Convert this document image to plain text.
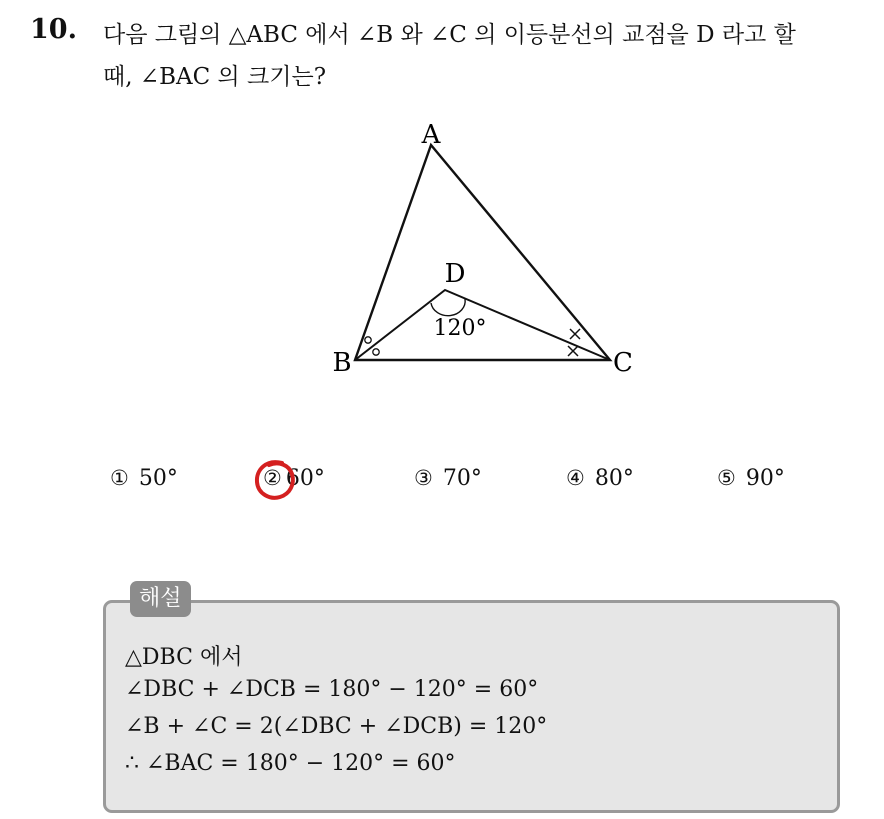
10. 다음 그림의 △ABC 에서 ∠B 와 ∠C 의 이등분선의 교점을 D 라고 할
때, ∠BAC 의 크기는?
A
B	C
D
120°
① 50°	② 60°	③ 70°	④ 80°	⑤ 90°
해설
△DBC 에서
∠DBC + ∠DCB = 180° − 120° = 60°
∠B + ∠C = 2(∠DBC + ∠DCB) = 120°
∴ ∠BAC = 180° − 120° = 60°
